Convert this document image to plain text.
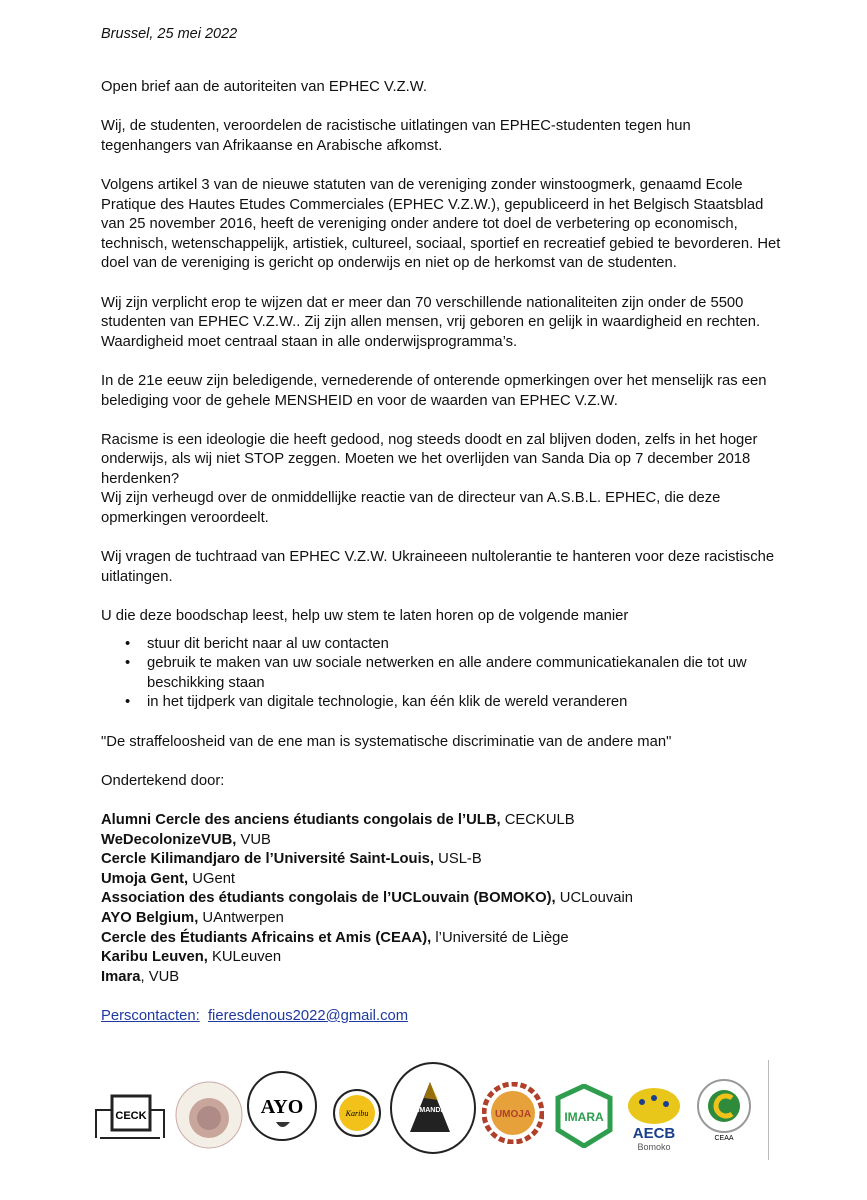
Brussel, 25 mei 2022

Open brief aan de autoriteiten van EPHEC V.Z.W.

Wij, de studenten, veroordelen de racistische uitlatingen van EPHEC-studenten tegen hun tegenhangers van Afrikaanse en Arabische afkomst.

Volgens artikel 3 van de nieuwe statuten van de vereniging zonder winstoogmerk, genaamd Ecole Pratique des Hautes Etudes Commerciales (EPHEC V.Z.W.), gepubliceerd in het Belgisch Staatsblad van 25 november 2016, heeft de vereniging onder andere tot doel de verbetering op economisch, technisch, wetenschappelijk, artistiek, cultureel, sociaal, sportief en recreatief gebied te bevorderen. Het doel van de vereniging is gericht op onderwijs en niet op de herkomst van de studenten.

Wij zijn verplicht erop te wijzen dat er meer dan 70 verschillende nationaliteiten zijn onder de 5500 studenten van EPHEC V.Z.W.. Zij zijn allen mensen, vrij geboren en gelijk in waardigheid en rechten. Waardigheid moet centraal staan in alle onderwijsprogramma’s.

In de 21e eeuw zijn beledigende, vernederende of onterende opmerkingen over het menselijk ras een belediging voor de gehele MENSHEID en voor de waarden van EPHEC V.Z.W.

Racisme is een ideologie die heeft gedood, nog steeds doodt en zal blijven doden, zelfs in het hoger onderwijs, als wij niet STOP zeggen. Moeten we het overlijden van Sanda Dia op 7 december 2018 herdenken?

Wij zijn verheugd over de onmiddellijke reactie van de directeur van A.S.B.L. EPHEC, die deze opmerkingen veroordeelt.

Wij vragen de tuchtraad van EPHEC V.Z.W. Ukraineeen nultolerantie te hanteren voor deze racistische uitlatingen.

U die deze boodschap leest, help uw stem te laten horen op de volgende manier

• stuur dit bericht naar al uw contacten
• gebruik te maken van uw sociale netwerken en alle andere communicatiekanalen die tot uw beschikking staan
• in het tijdperk van digitale technologie, kan één klik de wereld veranderen

"De straffeloosheid van de ene man is systematische discriminatie van de andere man"

Ondertekend door:

Alumni Cercle des anciens étudiants congolais de l’ULB, CECKULB
WeDecolonizeVUB, VUB
Cercle Kilimandjaro de l’Université Saint-Louis, USL-B
Umoja Gent, UGent
Association des étudiants congolais de l’UCLouvain (BOMOKO), UCLouvain
AYO Belgium, UAntwerpen
Cercle des Étudiants Africains et Amis (CEAA), l’Université de Liège
Karibu Leuven, KULeuven
Imara, VUB
Perscontacten: fieresdenous2022@gmail.com
CECK	AYO	Karibu	KILIMANDJARO	UMOJA	IMARA
AECB
Bomoko
CEAA
